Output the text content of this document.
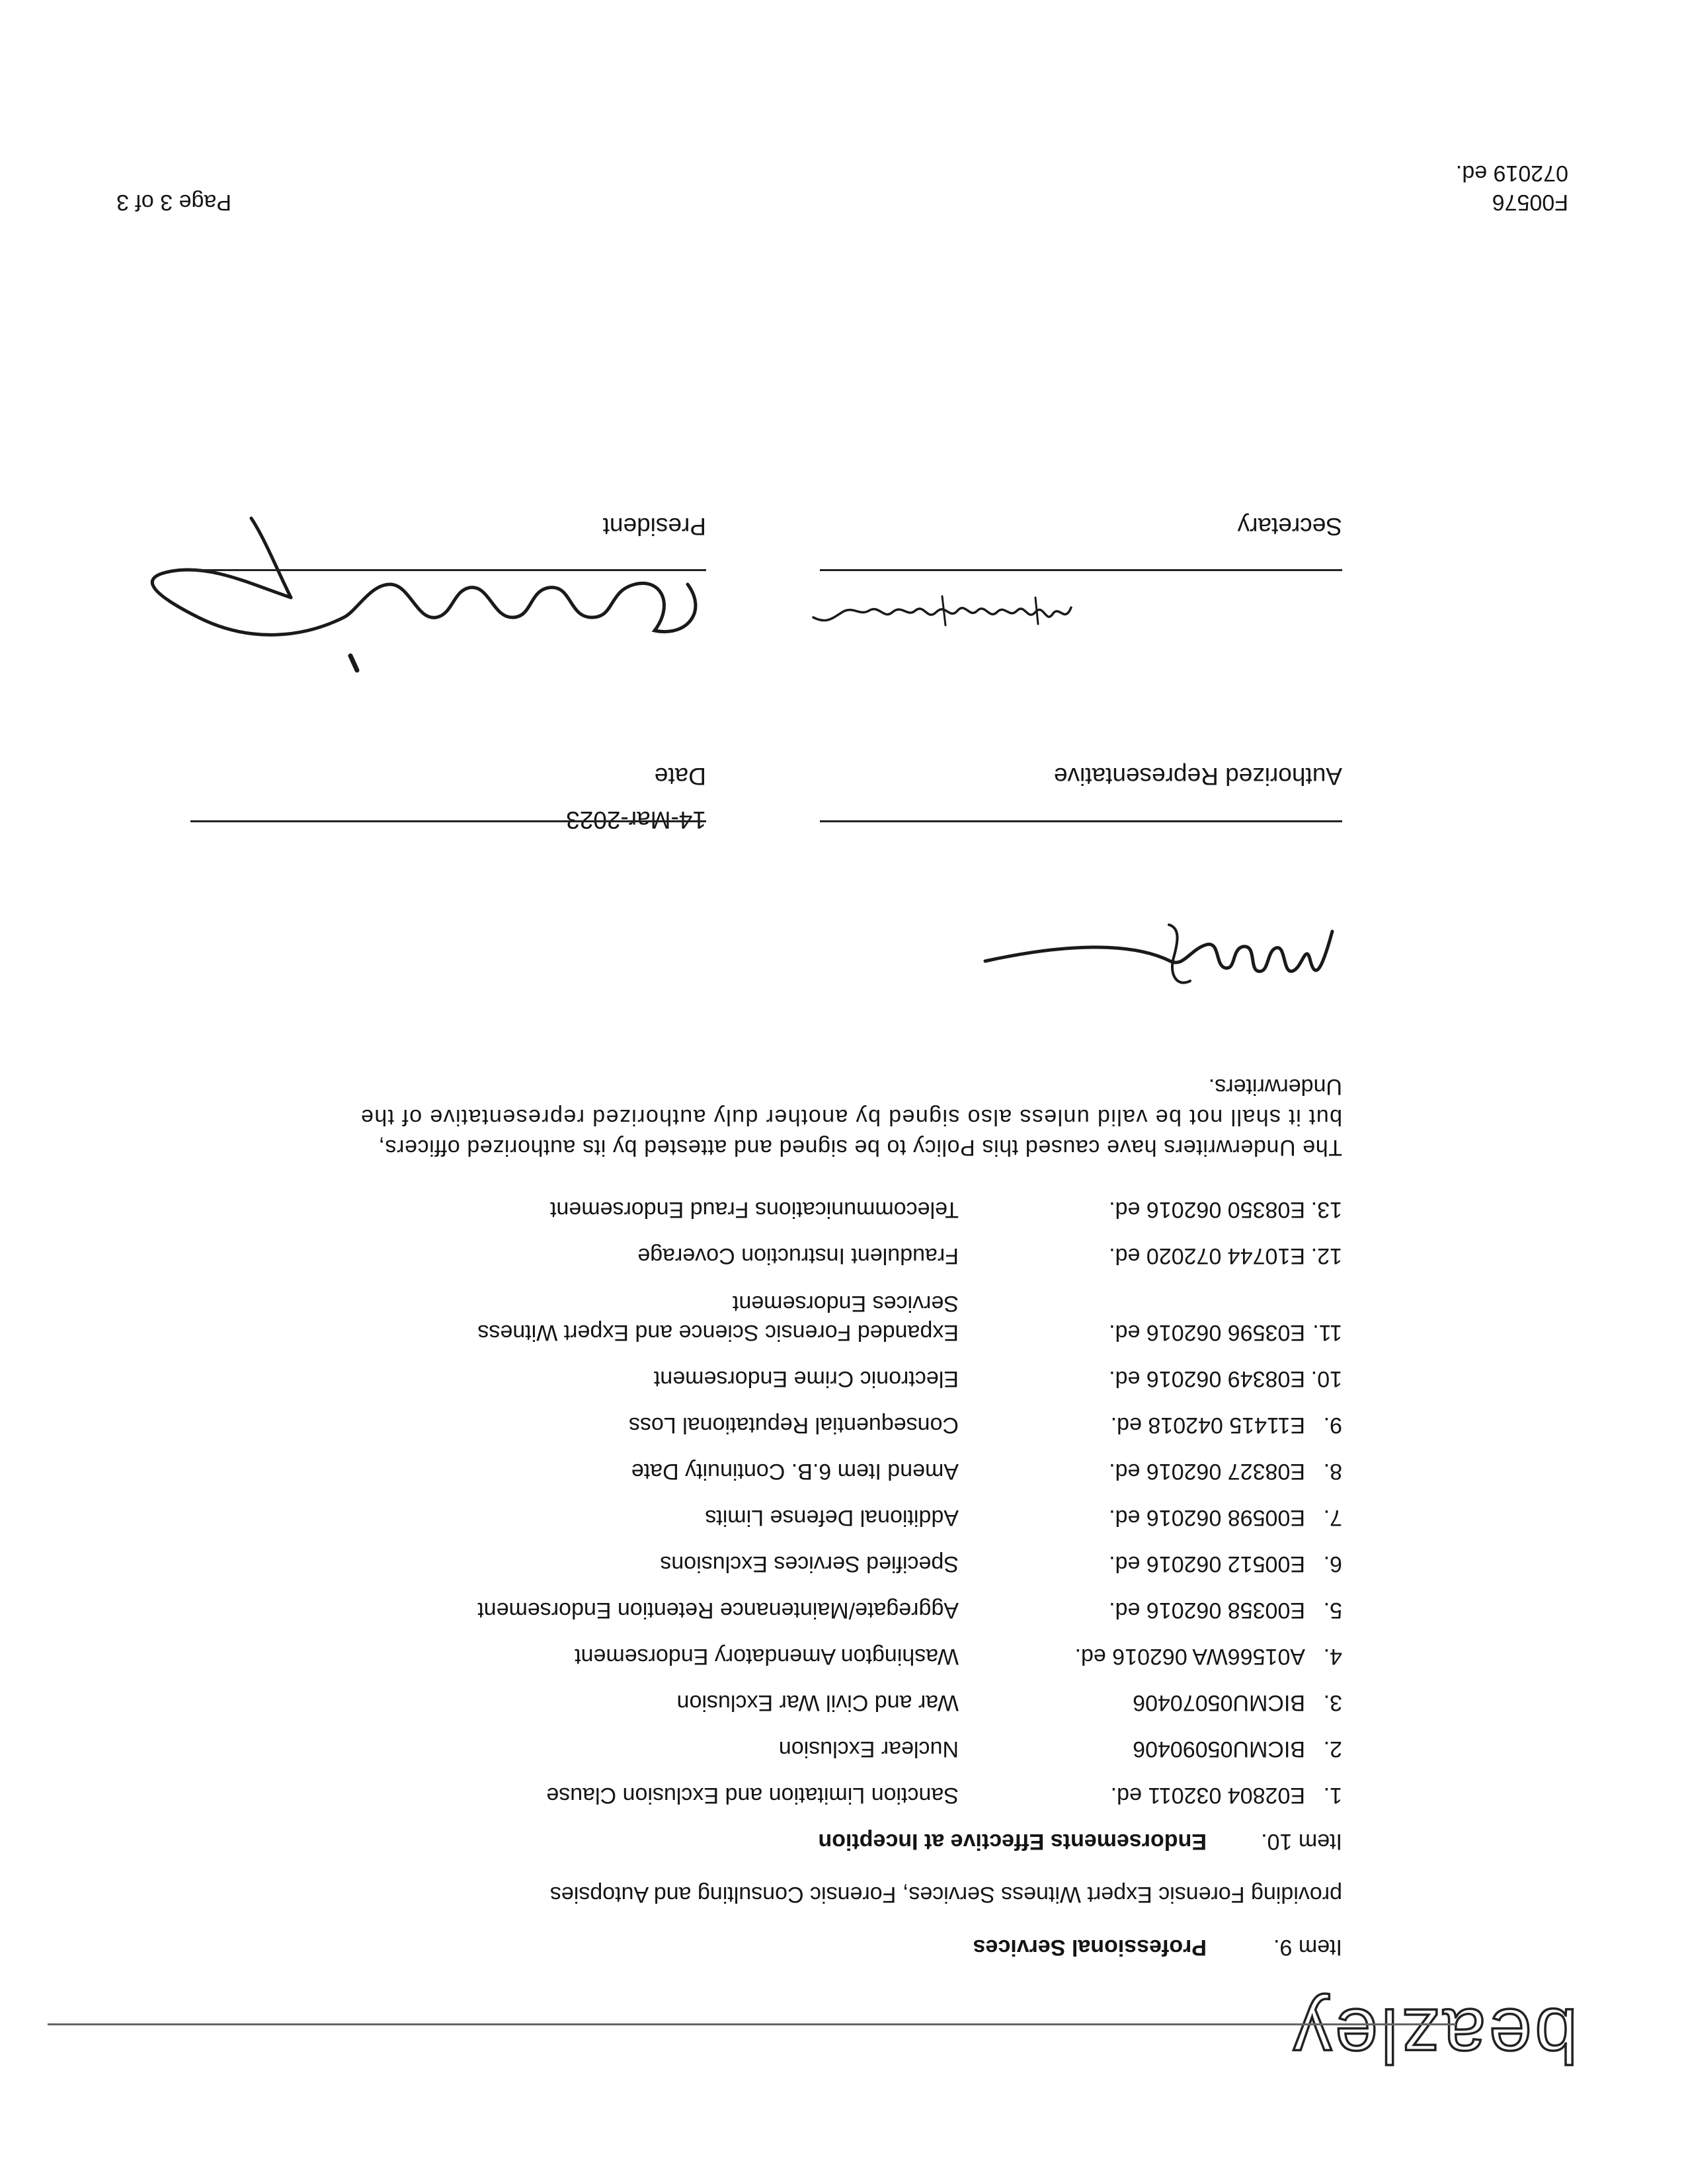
beazley
Item 9.
Professional Services
providing Forensic Expert Witness Services, Forensic Consulting and Autopsies
Item 10.
Endorsements Effective at Inception
1.E02804 032011 ed.
Sanction Limitation and Exclusion Clause
2.BICMU05090406
Nuclear Exclusion
3.BICMU05070406
War and Civil War Exclusion
4.A01566WA 062016 ed.
Washington Amendatory Endorsement
5.E00358 062016 ed.
Aggregate/Maintenance Retention Endorsement
6.E00512 062016 ed.
Specified Services Exclusions
7.E00598 062016 ed.
Additional Defense Limits
8.E08327 062016 ed.
Amend Item 6.B. Continuity Date
9.E11415 042018 ed.
Consequential Reputational Loss
10.E08349 062016 ed.
Electronic Crime Endorsement
11.E03596 062016 ed.
Expanded Forensic Science and Expert Witness
Services Endorsement
12.E10744 072020 ed.
Fraudulent Instruction Coverage
13.E08350 062016 ed.
Telecommunications Fraud Endorsement
The Underwriters have caused this Policy to be signed and attested by its authorized officers,
but it shall not be valid unless also signed by another duly authorized representative of the
Underwriters.
Authorized Representative
14-Mar-2023
Date
Secretary
President
F00576
072019 ed.
Page 3 of 3
